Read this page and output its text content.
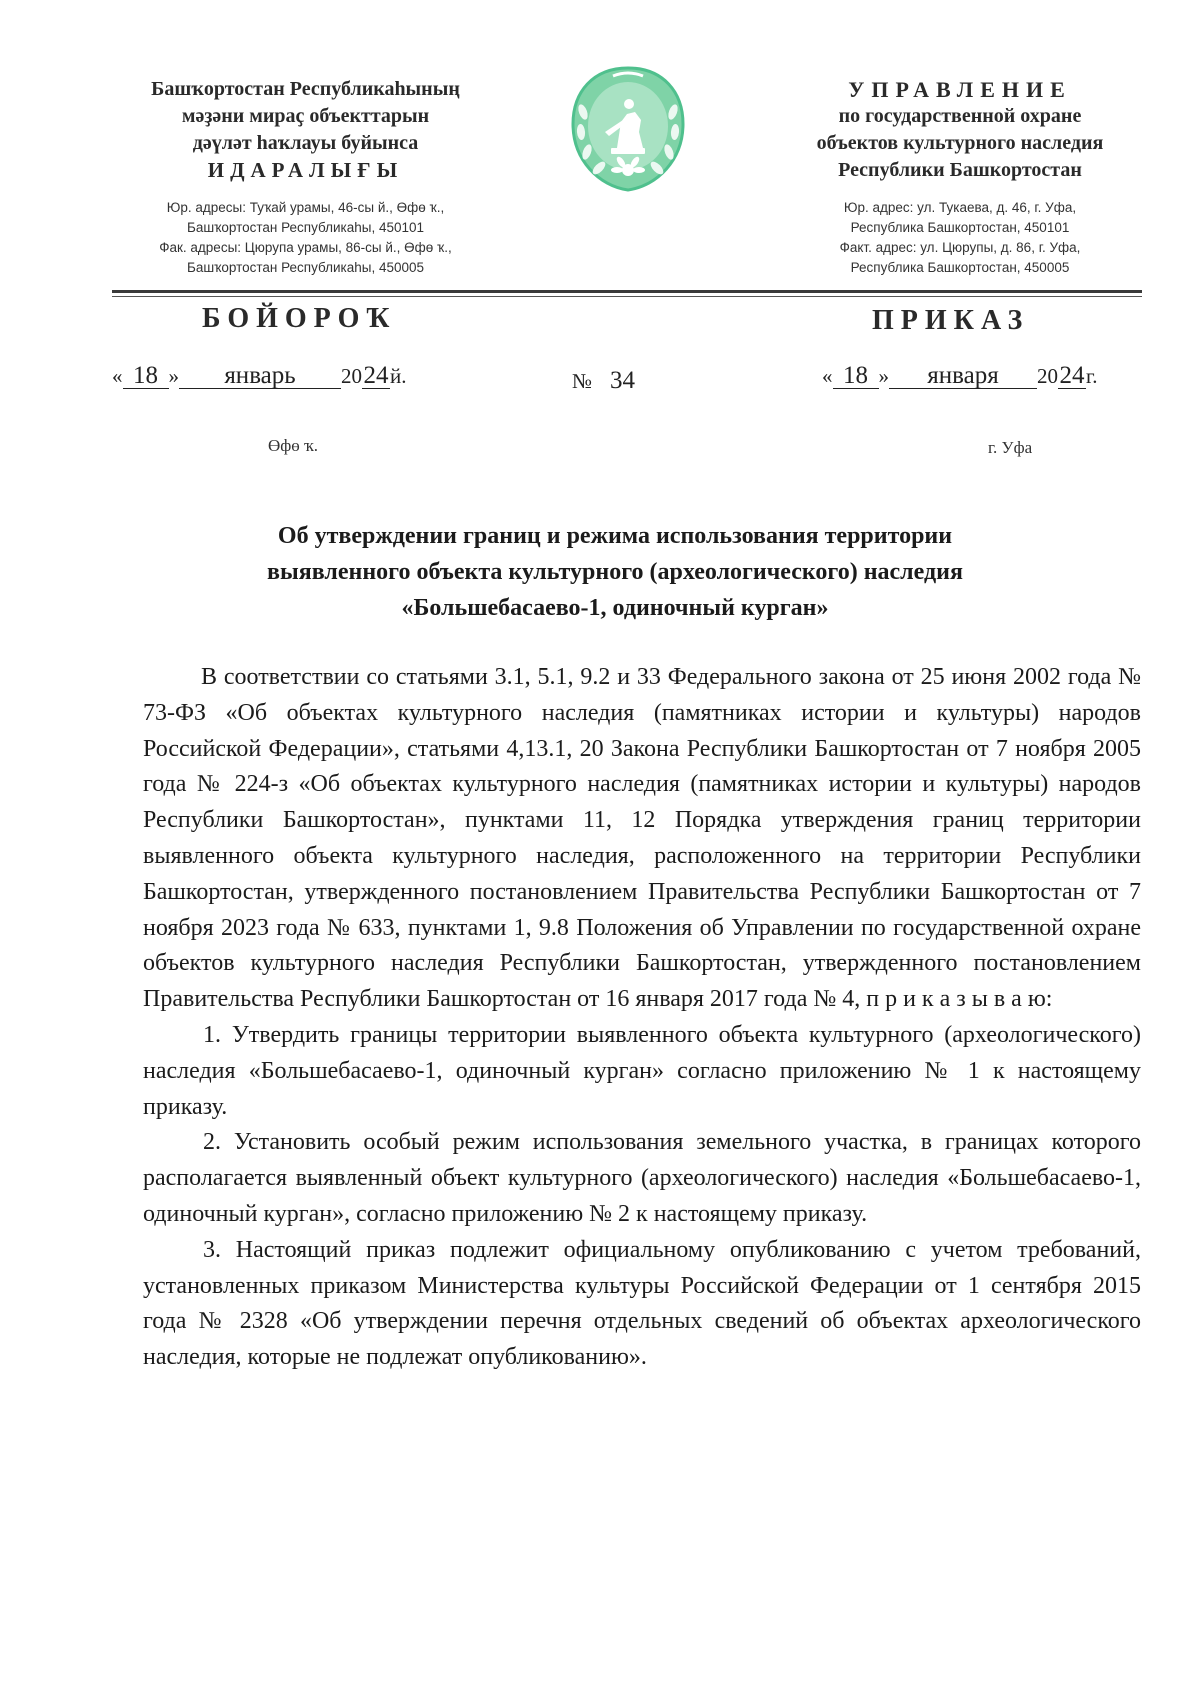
Башҡортостан Республикаһының
мәҙәни мираҫ объекттарын
дәүләт һаҡлауы буйынса
ИДАРАЛЫҒЫ
Юр. адресы: Туҡай урамы, 46-сы й., Өфө ҡ.,
Башҡортостан Республикаһы, 450101
Фак. адресы: Цюрупа урамы, 86-сы й., Өфө ҡ.,
Башҡортостан Республикаһы, 450005
УПРАВЛЕНИЕ
по государственной охране
объектов культурного наследия
Республики Башкортостан
Юр. адрес: ул. Тукаева, д. 46, г. Уфа,
Республика Башкортостан, 450101
Факт. адрес: ул. Цюрупы, д. 86, г. Уфа,
Республика Башкортостан, 450005
БОЙОРОҠ	ПРИКАЗ
« 18 » январь 2024й.	№ 34	« 18 » января 2024г.
Өфө ҡ.	г. Уфа
Об утверждении границ и режима использования территории
выявленного объекта культурного (археологического) наследия
«Большебасаево-1, одиночный курган»

В соответствии со статьями 3.1, 5.1, 9.2 и 33 Федерального закона от 25 июня 2002 года № 73-ФЗ «Об объектах культурного наследия (памятниках истории и культуры) народов Российской Федерации», статьями 4,13.1, 20 Закона Республики Башкортостан от 7 ноября 2005 года № 224-з «Об объектах культурного наследия (памятниках истории и культуры) народов Республики Башкортостан», пунктами 11, 12 Порядка утверждения границ территории выявленного объекта культурного наследия, расположенного на территории Республики Башкортостан, утвержденного постановлением Правительства Республики Башкортостан от 7 ноября 2023 года № 633, пунктами 1, 9.8 Положения об Управлении по государственной охране объектов культурного наследия Республики Башкортостан, утвержденного постановлением Правительства Республики Башкортостан от 16 января 2017 года № 4, п р и к а з ы в а ю:

1. Утвердить границы территории выявленного объекта культурного (археологического) наследия «Большебасаево-1, одиночный курган» согласно приложению № 1 к настоящему приказу.

2. Установить особый режим использования земельного участка, в границах которого располагается выявленный объект культурного (археологического) наследия «Большебасаево-1, одиночный курган», согласно приложению № 2 к настоящему приказу.

3. Настоящий приказ подлежит официальному опубликованию с учетом требований, установленных приказом Министерства культуры Российской Федерации от 1 сентября 2015 года № 2328 «Об утверждении перечня отдельных сведений об объектах археологического наследия, которые не подлежат опубликованию».
